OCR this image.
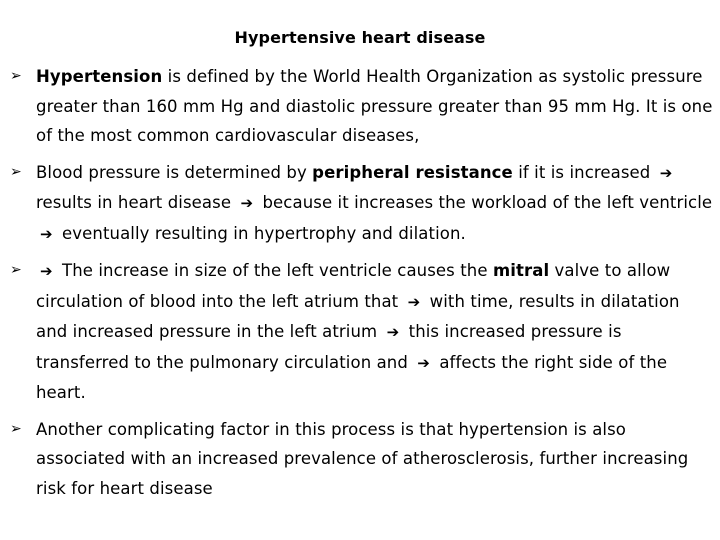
Hypertensive heart disease
➢ Hypertension is defined by the World Health Organization as systolic pressure greater than 160 mm Hg and diastolic pressure greater than 95 mm Hg. It is one of the most common cardiovascular diseases,
➢ Blood pressure is determined by peripheral resistance if it is increased ➔ results in heart disease ➔ because it increases the workload of the left ventricle ➔ eventually resulting in hypertrophy and dilation.
➢	➔ The increase in size of the left ventricle causes the mitral valve to allow circulation of blood into the left atrium that ➔ with time, results in dilatation and increased pressure in the left atrium ➔ this increased pressure is transferred to the pulmonary circulation and ➔ affects the right side of the heart.
➢ Another complicating factor in this process is that hypertension is also associated with an increased prevalence of atherosclerosis, further increasing risk for heart disease
